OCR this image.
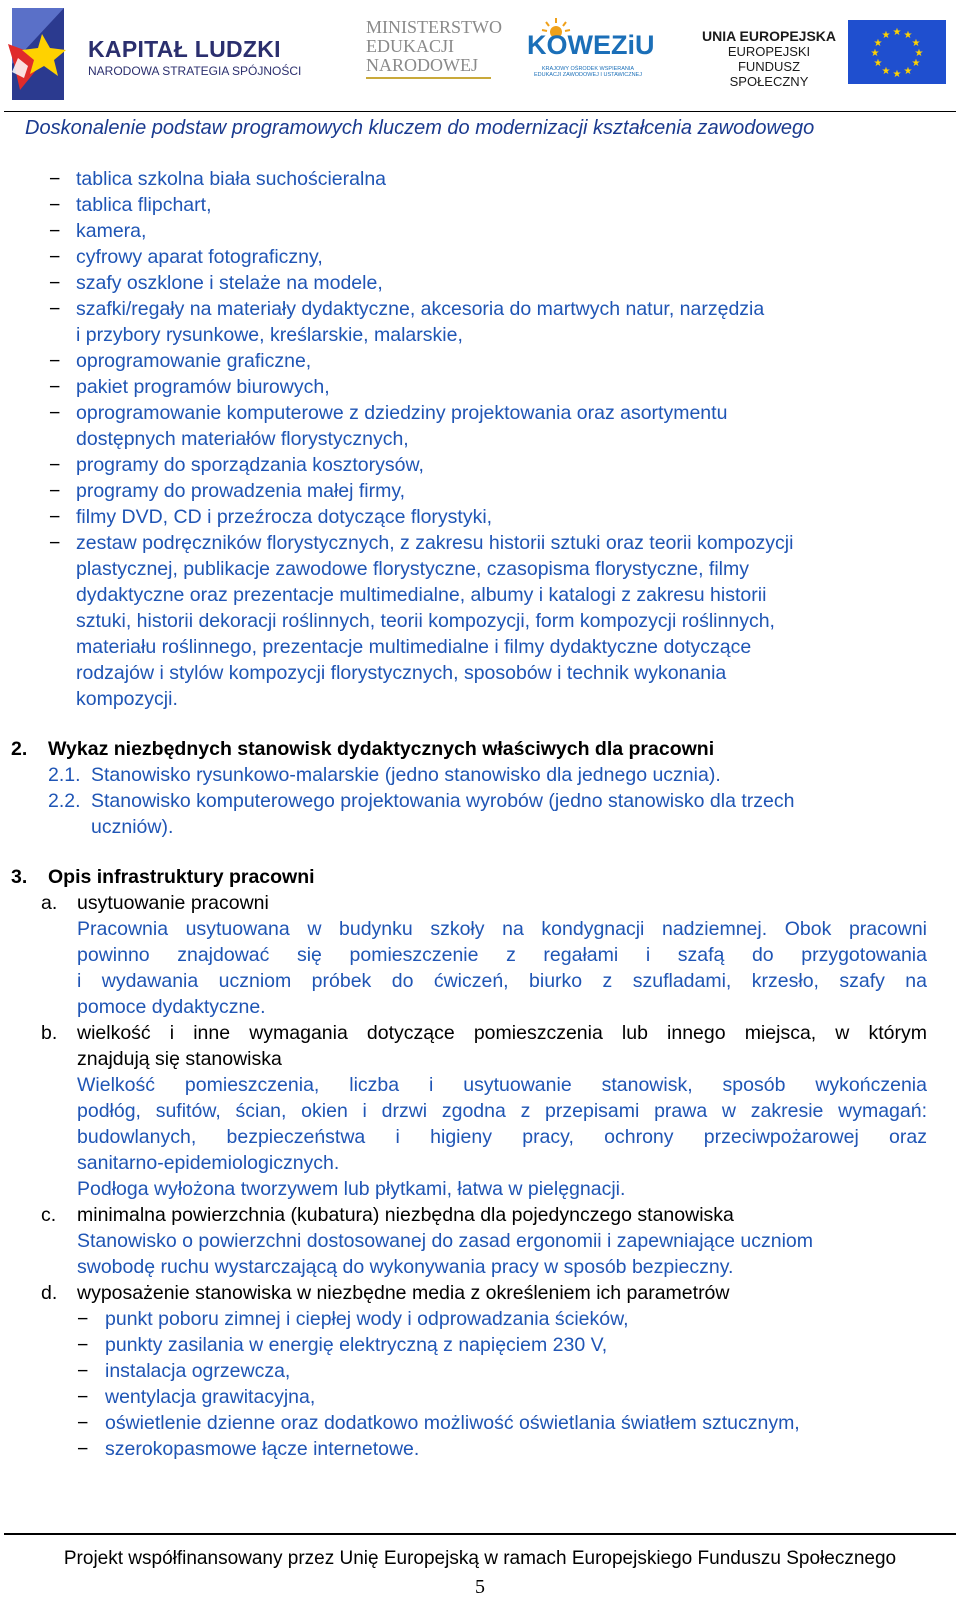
KAPITAŁ LUDZKI
NARODOWA STRATEGIA SPÓJNOŚCI
MINISTERSTWO
EDUKACJI
NARODOWEJ
KOWEZiU
KRAJOWY OŚRODEK WSPIERANIA EDUKACJI ZAWODOWEJ I USTAWICZNEJ
UNIA EUROPEJSKA
EUROPEJSKI
FUNDUSZ SPOŁECZNY
★ ★
★
★
★
★
★
★
★
★
★
★
Doskonalenie podstaw programowych kluczem do modernizacji kształcenia zawodowego
− tablica szkolna biała suchościeralna
− tablica flipchart,
− kamera,
− cyfrowy aparat fotograficzny,
− szafy oszklone i stelaże na modele,
− szafki/regały na materiały dydaktyczne, akcesoria do martwych natur, narzędzia
i przybory rysunkowe, kreślarskie, malarskie,
− oprogramowanie graficzne,
− pakiet programów biurowych,
− oprogramowanie komputerowe z dziedziny projektowania oraz asortymentu
dostępnych materiałów florystycznych,
− programy do sporządzania kosztorysów,
− programy do prowadzenia małej firmy,
− filmy DVD, CD i przeźrocza dotyczące florystyki,
− zestaw podręczników florystycznych, z zakresu historii sztuki oraz teorii kompozycji
plastycznej, publikacje zawodowe florystyczne, czasopisma florystyczne, filmy
dydaktyczne oraz prezentacje multimedialne, albumy i katalogi z zakresu historii
sztuki, historii dekoracji roślinnych, teorii kompozycji, form kompozycji roślinnych,
materiału roślinnego, prezentacje multimedialne i filmy dydaktyczne dotyczące
rodzajów i stylów kompozycji florystycznych, sposobów i technik wykonania
kompozycji.
2. Wykaz niezbędnych stanowisk dydaktycznych właściwych dla pracowni
2.1. Stanowisko rysunkowo-malarskie (jedno stanowisko dla jednego ucznia).
2.2. Stanowisko komputerowego projektowania wyrobów (jedno stanowisko dla trzech
uczniów).
3. Opis infrastruktury pracowni
a. usytuowanie pracowni
Pracownia usytuowana w budynku szkoły na kondygnacji nadziemnej. Obok pracowni
powinno znajdować się pomieszczenie z regałami i szafą do przygotowania
i wydawania uczniom próbek do ćwiczeń, biurko z szufladami, krzesło, szafy na
pomoce dydaktyczne.
b. wielkość i inne wymagania dotyczące pomieszczenia lub innego miejsca, w którym
znajdują się stanowiska
Wielkość pomieszczenia, liczba i usytuowanie stanowisk, sposób wykończenia
podłóg, sufitów, ścian, okien i drzwi zgodna z przepisami prawa w zakresie wymagań:
budowlanych, bezpieczeństwa i higieny pracy, ochrony przeciwpożarowej oraz
sanitarno-epidemiologicznych.
Podłoga wyłożona tworzywem lub płytkami, łatwa w pielęgnacji.
c. minimalna powierzchnia (kubatura) niezbędna dla pojedynczego stanowiska
Stanowisko o powierzchni dostosowanej do zasad ergonomii i zapewniające uczniom
swobodę ruchu wystarczającą do wykonywania pracy w sposób bezpieczny.
d. wyposażenie stanowiska w niezbędne media z określeniem ich parametrów
− punkt poboru zimnej i ciepłej wody i odprowadzania ścieków,
− punkty zasilania w energię elektryczną z napięciem 230 V,
− instalacja ogrzewcza,
− wentylacja grawitacyjna,
− oświetlenie dzienne oraz dodatkowo możliwość oświetlania światłem sztucznym,
− szerokopasmowe łącze internetowe.
Projekt współfinansowany przez Unię Europejską w ramach Europejskiego Funduszu Społecznego
5
